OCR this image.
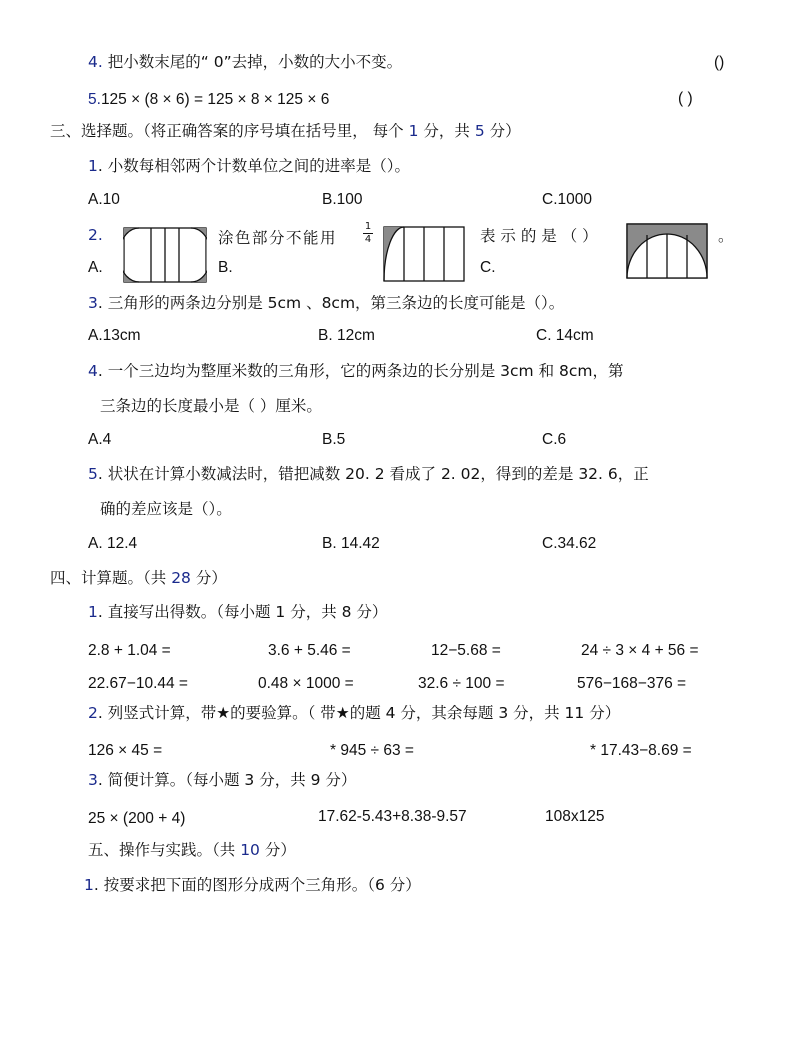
4. 把小数末尾的“ 0”去掉，小数的大小不变。	()
5.125 × (8 × 6) = 125 × 8 × 125 × 6	( )
三、选择题。（将正确答案的序号填在括号里， 每个 1 分，共 5 分）
1. 小数每相邻两个计数单位之间的进率是（）。
A.10	B.100	C.1000
2.
A.
涂色部分不能用
1
4
B.
表 示 的 是 （ ）
C.
。
3. 三角形的两条边分别是 5cm 、8cm，第三条边的长度可能是（）。
A.13cm	B. 12cm	C. 14cm
4. 一个三边均为整厘米数的三角形，它的两条边的长分别是 3cm 和 8cm，第
三条边的长度最小是（ ）厘米。
A.4	B.5	C.6
5. 状状在计算小数减法时，错把减数 20. 2 看成了 2. 02，得到的差是 32. 6，正
确的差应该是（）。
A. 12.4	B. 14.42	C.34.62
四、计算题。（共 28 分）
1. 直接写出得数。（每小题 1 分，共 8 分）
2.8 + 1.04 =	3.6 + 5.46 =	12−5.68 =	24 ÷ 3 × 4 + 56 =
22.67−10.44 =	0.48 × 1000 =	32.6 ÷ 100 =	576−168−376 =
2. 列竖式计算，带★的要验算。（ 带★的题 4 分，其余每题 3 分，共 11 分）
126 × 45 =	* 945 ÷ 63 =	* 17.43−8.69 =
3. 简便计算。（每小题 3 分，共 9 分）
25 × (200 + 4)	17.62-5.43+8.38-9.57	108x125
五、操作与实践。（共 10 分）
1. 按要求把下面的图形分成两个三角形。（6 分）
